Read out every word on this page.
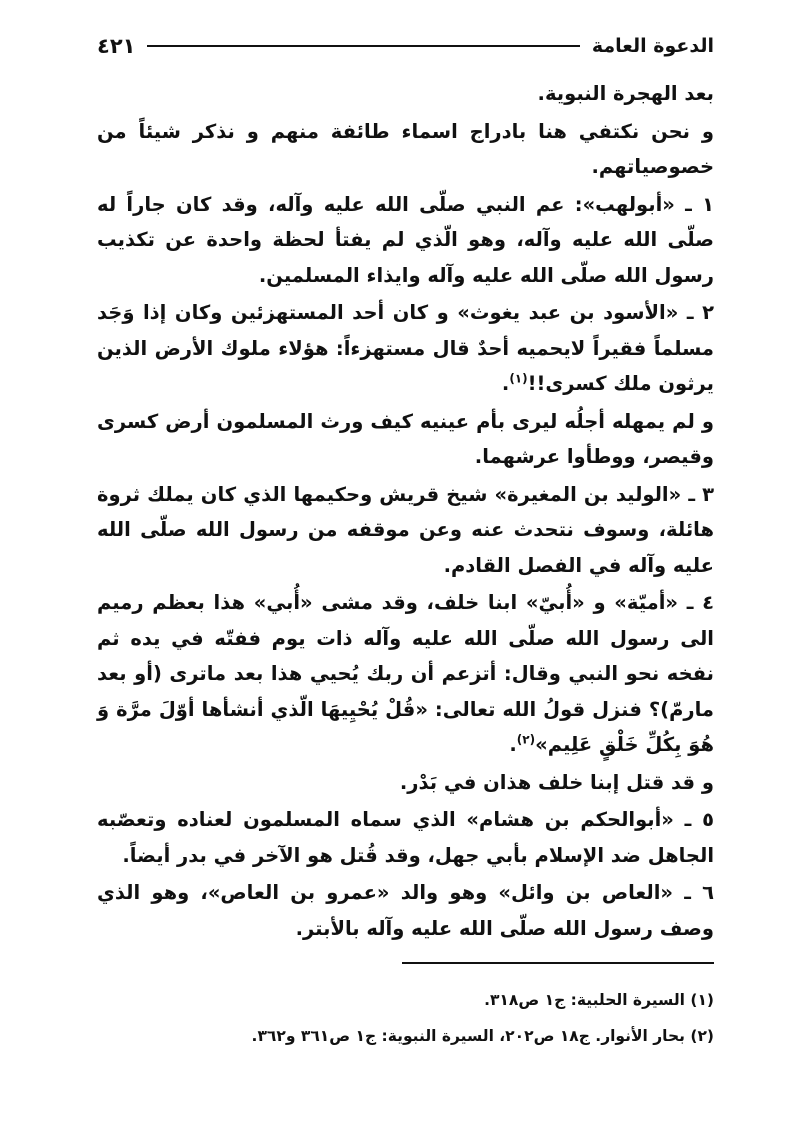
الدعوة العامة
٤٢١

بعد الهجرة النبوية.

و نحن نكتفي هنا بادراج اسماء طائفة منهم و نذكر شيئاً من خصوصياتهم.

١ ـ «أبولهب»: عم النبي صلّى الله عليه وآله، وقد كان جاراً له صلّى الله عليه وآله، وهو الّذي لم يفتأ لحظة واحدة عن تكذيب رسول الله صلّى الله عليه وآله وايذاء المسلمين.

٢ ـ «الأسود بن عبد يغوث» و كان أحد المستهزئين وكان إذا وَجَد مسلماً فقيراً لايحميه أحدٌ قال مستهزءاً: هؤلاء ملوك الأرض الذين يرثون ملك كسرى!!$^{(١)}$.

و لم يمهله أجلُه ليرى بأم عينيه كيف ورث المسلمون أرض كسرى وقيصر، ووطأوا عرشهما.

٣ ـ «الوليد بن المغيرة» شيخ قريش وحكيمها الذي كان يملك ثروة هائلة، وسوف نتحدث عنه وعن موقفه من رسول الله صلّى الله عليه وآله في الفصل القادم.

٤ ـ «أميّة» و «أُبيّ» ابنا خلف، وقد مشى «أُبي» هذا بعظم رميم الى رسول الله صلّى الله عليه وآله ذات يوم ففتّه في يده ثم نفخه نحو النبي وقال: أتزعم أن ربك يُحيي هذا بعد ماترى (أو بعد مارمّ)؟ فنزل قولُ الله تعالى: «قُلْ يُحْيِيهَا الّذي أنشأها أوّلَ مرَّة وَ هُوَ بِكُلِّ خَلْقٍ عَلِيم»$^{(٢)}$.

و قد قتل إبنا خلف هذان في بَدْر.

٥ ـ «أبوالحكم بن هشام» الذي سماه المسلمون لعناده وتعصّبه الجاهل ضد الإسلام بأبي جهل، وقد قُتل هو الآخر في بدر أيضاً.

٦ ـ «العاص بن وائل» وهو والد «عمرو بن العاص»، وهو الذي وصف رسول الله صلّى الله عليه وآله بالأبتر.

(١) السيرة الحلبية: ج١ ص٣١٨.

(٢) بحار الأنوار. ج١٨ ص٢٠٢، السيرة النبوية: ج١ ص٣٦١ و٣٦٢.
